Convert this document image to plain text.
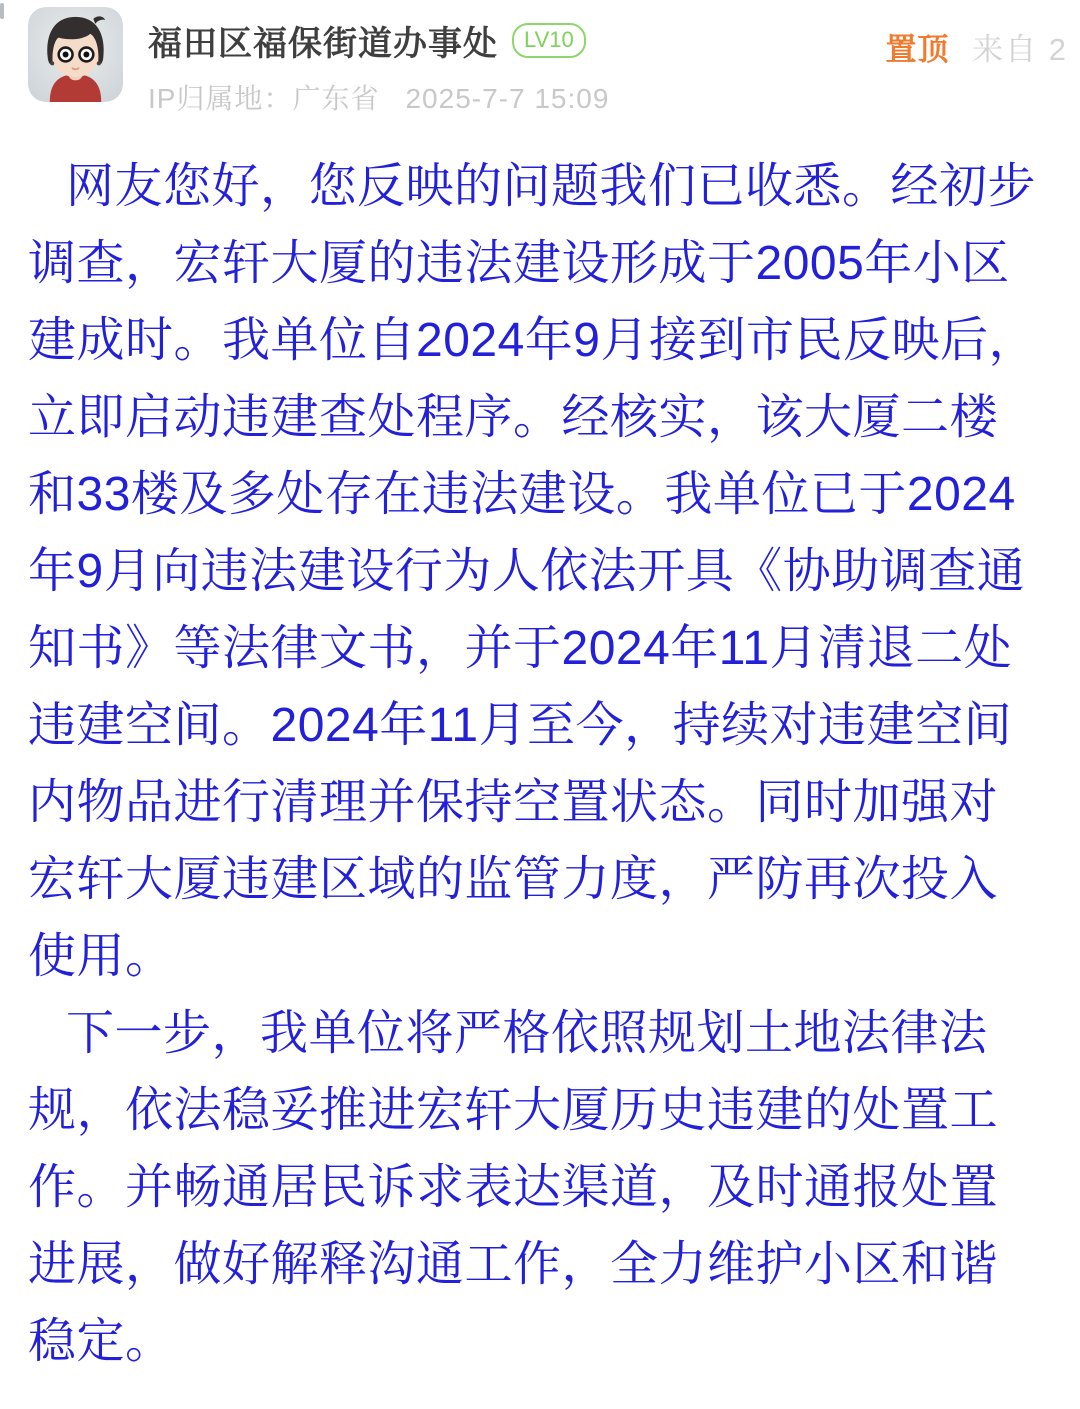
福田区福保街道办事处	LV10
IP归属地：广东省 2025-7-7 15:09
置顶 来自 2
网友您好，您反映的问题我们已收悉。经初步
调查，宏轩大厦的违法建设形成于2005年小区
建成时。我单位自2024年9月接到市民反映后，
立即启动违建查处程序。经核实，该大厦二楼
和33楼及多处存在违法建设。我单位已于2024
年9月向违法建设行为人依法开具《协助调查通
知书》等法律文书，并于2024年11月清退二处
违建空间。2024年11月至今，持续对违建空间
内物品进行清理并保持空置状态。同时加强对
宏轩大厦违建区域的监管力度，严防再次投入
使用。
下一步，我单位将严格依照规划土地法律法
规，依法稳妥推进宏轩大厦历史违建的处置工
作。并畅通居民诉求表达渠道，及时通报处置
进展，做好解释沟通工作，全力维护小区和谐
稳定。
